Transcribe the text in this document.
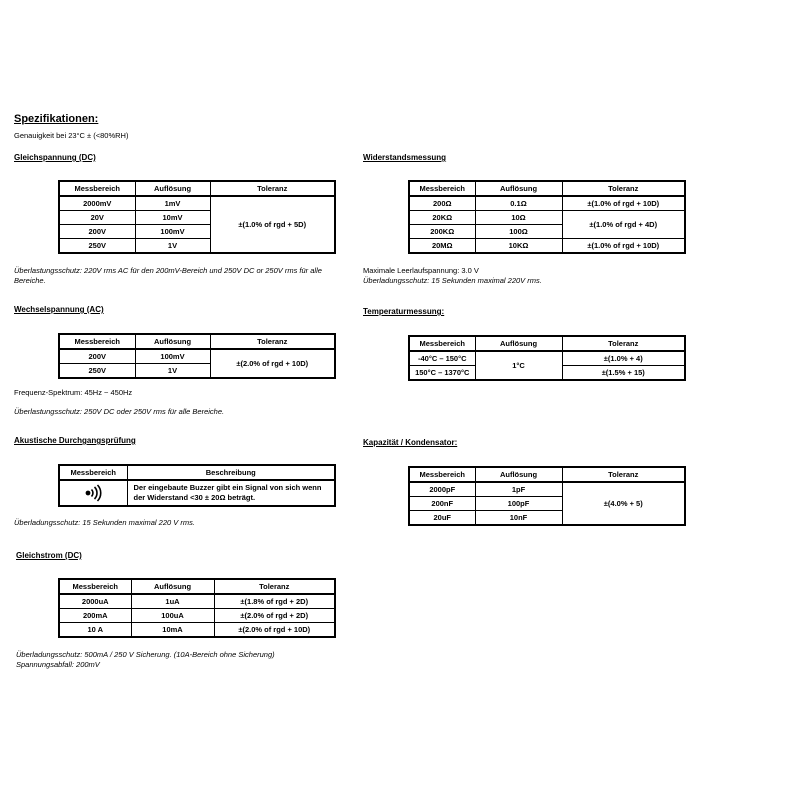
Spezifikationen:
Genauigkeit bei 23°C ± (<80%RH)
Gleichspannung (DC)
Messbereich	Auflösung	Toleranz
2000mV	1mV	±(1.0% of rgd + 5D)
20V	10mV	
200V	100mV	
250V	1V	
Überlastungsschutz: 220V rms AC für den 200mV-Bereich und 250V DC or 250V rms für alle Bereiche.
Wechselspannung (AC)
Messbereich	Auflösung	Toleranz
200V	100mV	±(2.0% of rgd + 10D)
250V	1V	
Frequenz-Spektrum: 45Hz ~ 450Hz
Überlastungsschutz: 250V DC oder 250V rms für alle Bereiche.
Akustische Durchgangsprüfung
Messbereich	Beschreibung

	Der eingebaute Buzzer gibt ein Signal von sich wenn der Widerstand <30 ± 20Ω beträgt.
Überladungsschutz: 15 Sekunden maximal 220 V rms.
Gleichstrom (DC)
Messbereich	Auflösung	Toleranz
2000uA	1uA	±(1.8% of rgd + 2D)
200mA	100uA	±(2.0% of rgd + 2D)
10 A	10mA	±(2.0% of rgd + 10D)
Überladungsschutz: 500mA / 250 V Sicherung. (10A-Bereich ohne Sicherung)
Spannungsabfall: 200mV
Widerstandsmessung
Messbereich	Auflösung	Toleranz
200Ω	0.1Ω	±(1.0% of rgd + 10D)
20KΩ	10Ω	±(1.0% of rgd + 4D)
200KΩ	100Ω	
20MΩ	10KΩ	±(1.0% of rgd + 10D)
Maximale Leerlaufspannung: 3.0 V
Überladungsschutz: 15 Sekunden maximal 220V rms.
Temperaturmessung:
Messbereich	Auflösung	Toleranz
-40°C – 150°C	1°C	±(1.0% + 4)
150°C – 1370°C		±(1.5% + 15)
Kapazität / Kondensator:
Messbereich	Auflösung	Toleranz
2000pF	1pF	±(4.0% + 5)
200nF	100pF	
20uF	10nF	
